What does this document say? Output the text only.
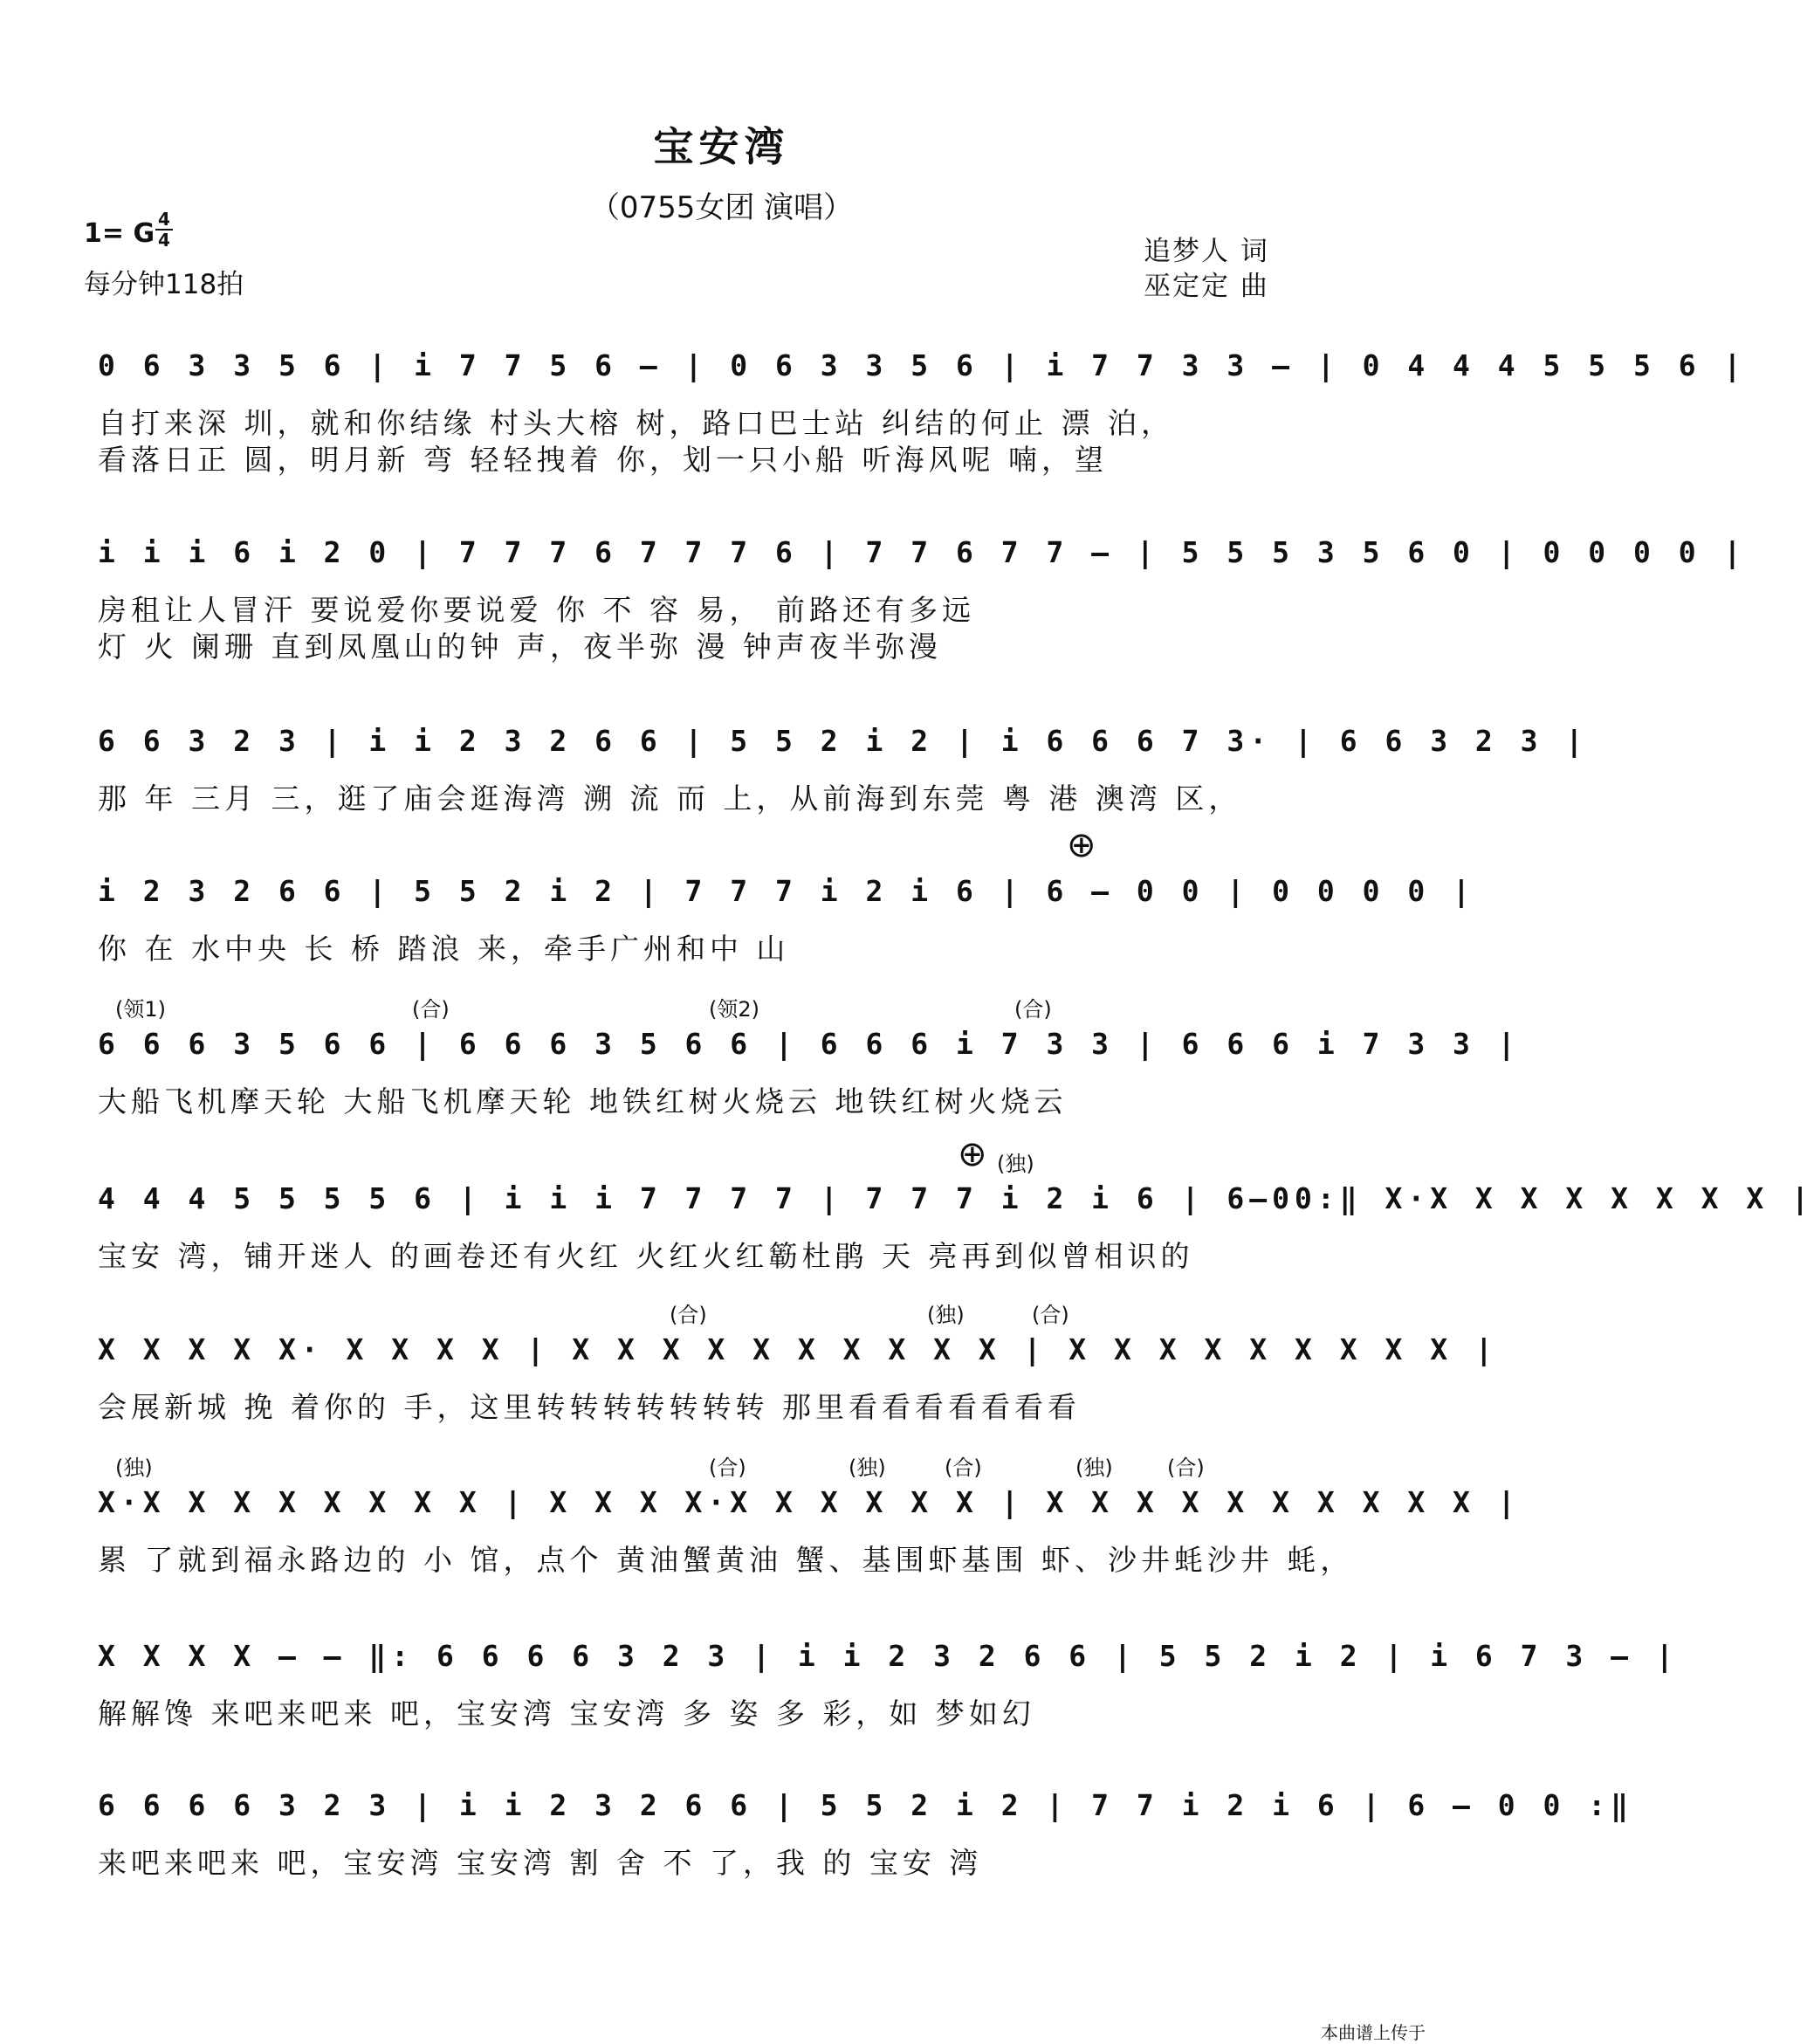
宝安湾
（0755女团 演唱）
1= G 4
4
每分钟118拍
追梦人 词
巫定定 曲
0 6 3 3 5 6 | i 7 7 5 6 — | 0 6 3 3 5 6 | i 7 7 3 3 — | 0 4 4 4 5 5 5 6 |
自打来深 圳，就和你结缘 村头大榕 树，路口巴士站 纠结的何止 漂 泊，
看落日正 圆，明月新 弯 轻轻拽着 你，划一只小船 听海风呢 喃，望
i i i 6 i 2 0 | 7 7 7 6 7 7 7 6 | 7 7 6 7 7 — | 5 5 5 3 5 6 0 | 0 0 0 0 |
房租让人冒汗 要说爱你要说爱 你 不 容 易， 前路还有多远
灯 火 阑珊 直到凤凰山的钟 声，夜半弥 漫 钟声夜半弥漫
6 6 3 2 3 | i i 2 3 2 6 6 | 5 5 2 i 2 | i 6 6 6 7 3· | 6 6 3 2 3 |
那 年 三月 三，逛了庙会逛海湾 溯 流 而 上，从前海到东莞 粤 港 澳湾 区，
⊕
i 2 3 2 6 6 | 5 5 2 i 2 | 7 7 7 i 2 i 6 | 6 — 0 0 | 0 0 0 0 |
你 在 水中央 长 桥 踏浪 来，牵手广州和中 山
(领1)	(合)	(领2)	(合)
6 6 6 3 5 6 6 | 6 6 6 3 5 6 6 | 6 6 6 i 7 3 3 | 6 6 6 i 7 3 3 |
大船飞机摩天轮 大船飞机摩天轮 地铁红树火烧云 地铁红树火烧云
⊕ (独)
4 4 4 5 5 5 5 6 | i i i 7 7 7 7 | 7 7 7 i 2 i 6 | 6—00:‖ X·X X X X X X X X |
宝安 湾，铺开迷人 的画卷还有火红 火红火红簕杜鹃 天 亮再到似曾相识的
(合)	(独)	(合)
X X X X X· X X X X | X X X X X X X X X X | X X X X X X X X X |
会展新城 挽 着你的 手，这里转转转转转转转 那里看看看看看看看
(独)	(合)	(独)	(合)	(独)	(合)
X·X X X X X X X X | X X X X·X X X X X X | X X X X X X X X X X |
累 了就到福永路边的 小 馆，点个 黄油蟹黄油 蟹、基围虾基围 虾、沙井蚝沙井 蚝，
X X X X — — ‖: 6 6 6 6 3 2 3 | i i 2 3 2 6 6 | 5 5 2 i 2 | i 6 7 3 — |
解解馋 来吧来吧来 吧，宝安湾 宝安湾 多 姿 多 彩，如 梦如幻
6 6 6 6 3 2 3 | i i 2 3 2 6 6 | 5 5 2 i 2 | 7 7 i 2 i 6 | 6 — 0 0 :‖
来吧来吧来 吧，宝安湾 宝安湾 割 舍 不 了，我 的 宝安 湾
本曲谱上传于
